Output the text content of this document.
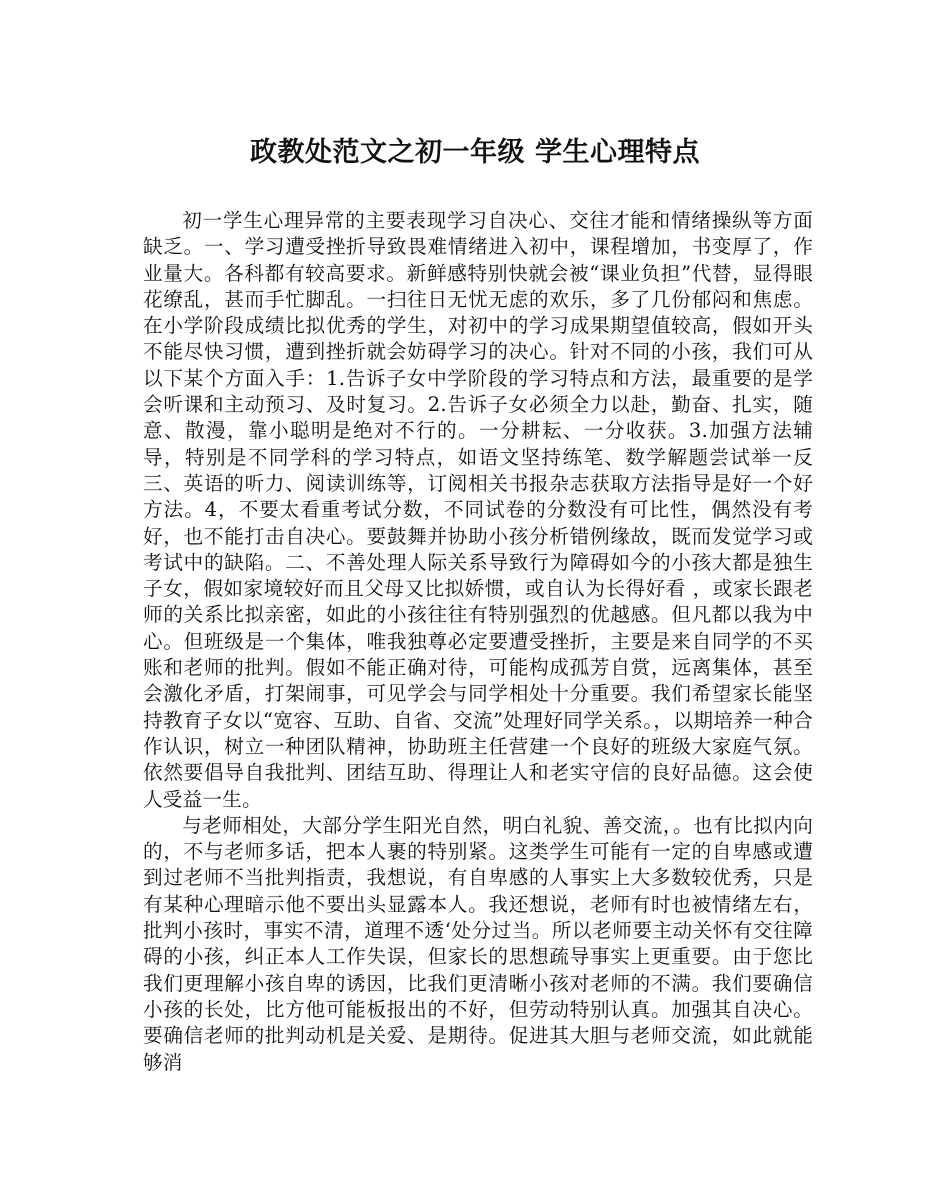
政教处范文之初一年级 学生心理特点

初一学生心理异常的主要表现学习自决心、交往才能和情绪操纵等方面缺乏。一、学习遭受挫折导致畏难情绪进入初中，课程增加，书变厚了，作业量大。各科都有较高要求。新鲜感特别快就会被“课业负担”代替，显得眼花缭乱，甚而手忙脚乱。一扫往日无忧无虑的欢乐，多了几份郁闷和焦虑。在小学阶段成绩比拟优秀的学生，对初中的学习成果期望值较高，假如开头不能尽快习惯，遭到挫折就会妨碍学习的决心。针对不同的小孩，我们可从以下某个方面入手：1.告诉子女中学阶段的学习特点和方法，最重要的是学会听课和主动预习、及时复习。2.告诉子女必须全力以赴，勤奋、扎实，随意、散漫，靠小聪明是绝对不行的。一分耕耘、一分收获。3.加强方法辅导，特别是不同学科的学习特点，如语文坚持练笔、数学解题尝试举一反三、英语的听力、阅读训练等，订阅相关书报杂志获取方法指导是好一个好方法。4，不要太看重考试分数，不同试卷的分数没有可比性，偶然没有考好，也不能打击自决心。要鼓舞并协助小孩分析错例缘故，既而发觉学习或考试中的缺陷。二、不善处理人际关系导致行为障碍如今的小孩大都是独生子女，假如家境较好而且父母又比拟娇惯，或自认为长得好看 ，或家长跟老师的关系比拟亲密，如此的小孩往往有特别强烈的优越感。但凡都以我为中心。但班级是一个集体，唯我独尊必定要遭受挫折，主要是来自同学的不买账和老师的批判。假如不能正确对待，可能构成孤芳自赏，远离集体，甚至会激化矛盾，打架闹事，可见学会与同学相处十分重要。我们希望家长能坚持教育子女以“宽容、互助、自省、交流”处理好同学关系。，以期培养一种合作认识，树立一种团队精神，协助班主任营建一个良好的班级大家庭气氛。依然要倡导自我批判、团结互助、得理让人和老实守信的良好品德。这会使人受益一生。

与老师相处，大部分学生阳光自然，明白礼貌、善交流，。也有比拟内向的，不与老师多话，把本人裹的特别紧。这类学生可能有一定的自卑感或遭到过老师不当批判指责，我想说，有自卑感的人事实上大多数较优秀，只是有某种心理暗示他不要出头显露本人。我还想说，老师有时也被情绪左右，批判小孩时，事实不清，道理不透‘处分过当。所以老师要主动关怀有交往障碍的小孩，纠正本人工作失误，但家长的思想疏导事实上更重要。由于您比我们更理解小孩自卑的诱因，比我们更清晰小孩对老师的不满。我们要确信小孩的长处，比方他可能板报出的不好，但劳动特别认真。加强其自决心。要确信老师的批判动机是关爱、是期待。促进其大胆与老师交流，如此就能够消
